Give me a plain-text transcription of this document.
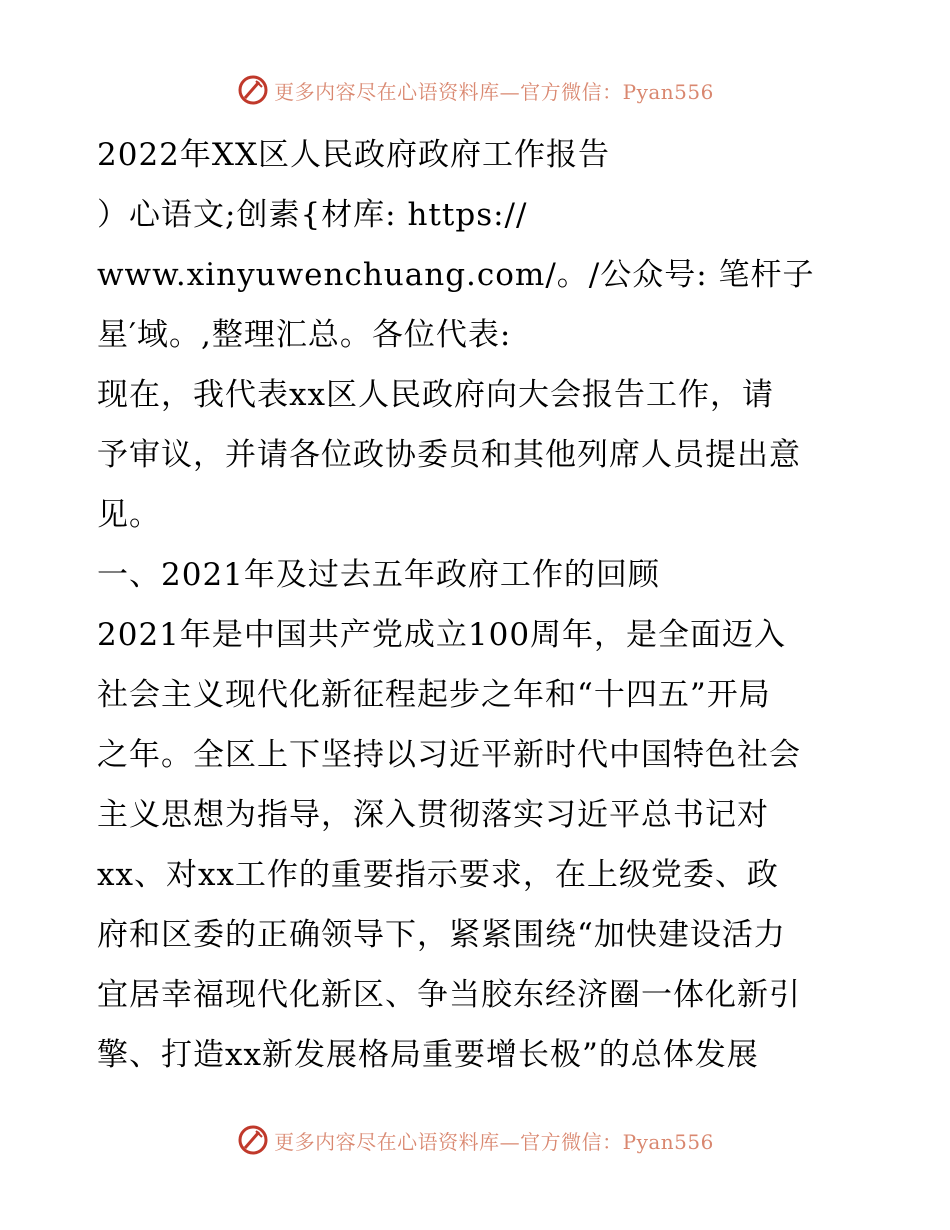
更多内容尽在心语资料库—官方微信：Pyan556
2022年XX区人民政府政府工作报告
）心语文;创素{材库: https://
www.xinyuwenchuang.com/。/公众号: 笔杆子
星′域。,整理汇总。各位代表:
现在，我代表xx区人民政府向大会报告工作，请
予审议，并请各位政协委员和其他列席人员提出意
见。
一、2021年及过去五年政府工作的回顾
2021年是中国共产党成立100周年，是全面迈入
社会主义现代化新征程起步之年和“十四五”开局
之年。全区上下坚持以习近平新时代中国特色社会
主义思想为指导，深入贯彻落实习近平总书记对
xx、对xx工作的重要指示要求，在上级党委、政
府和区委的正确领导下，紧紧围绕“加快建设活力
宜居幸福现代化新区、争当胶东经济圈一体化新引
擎、打造xx新发展格局重要增长极”的总体发展
更多内容尽在心语资料库—官方微信：Pyan556
